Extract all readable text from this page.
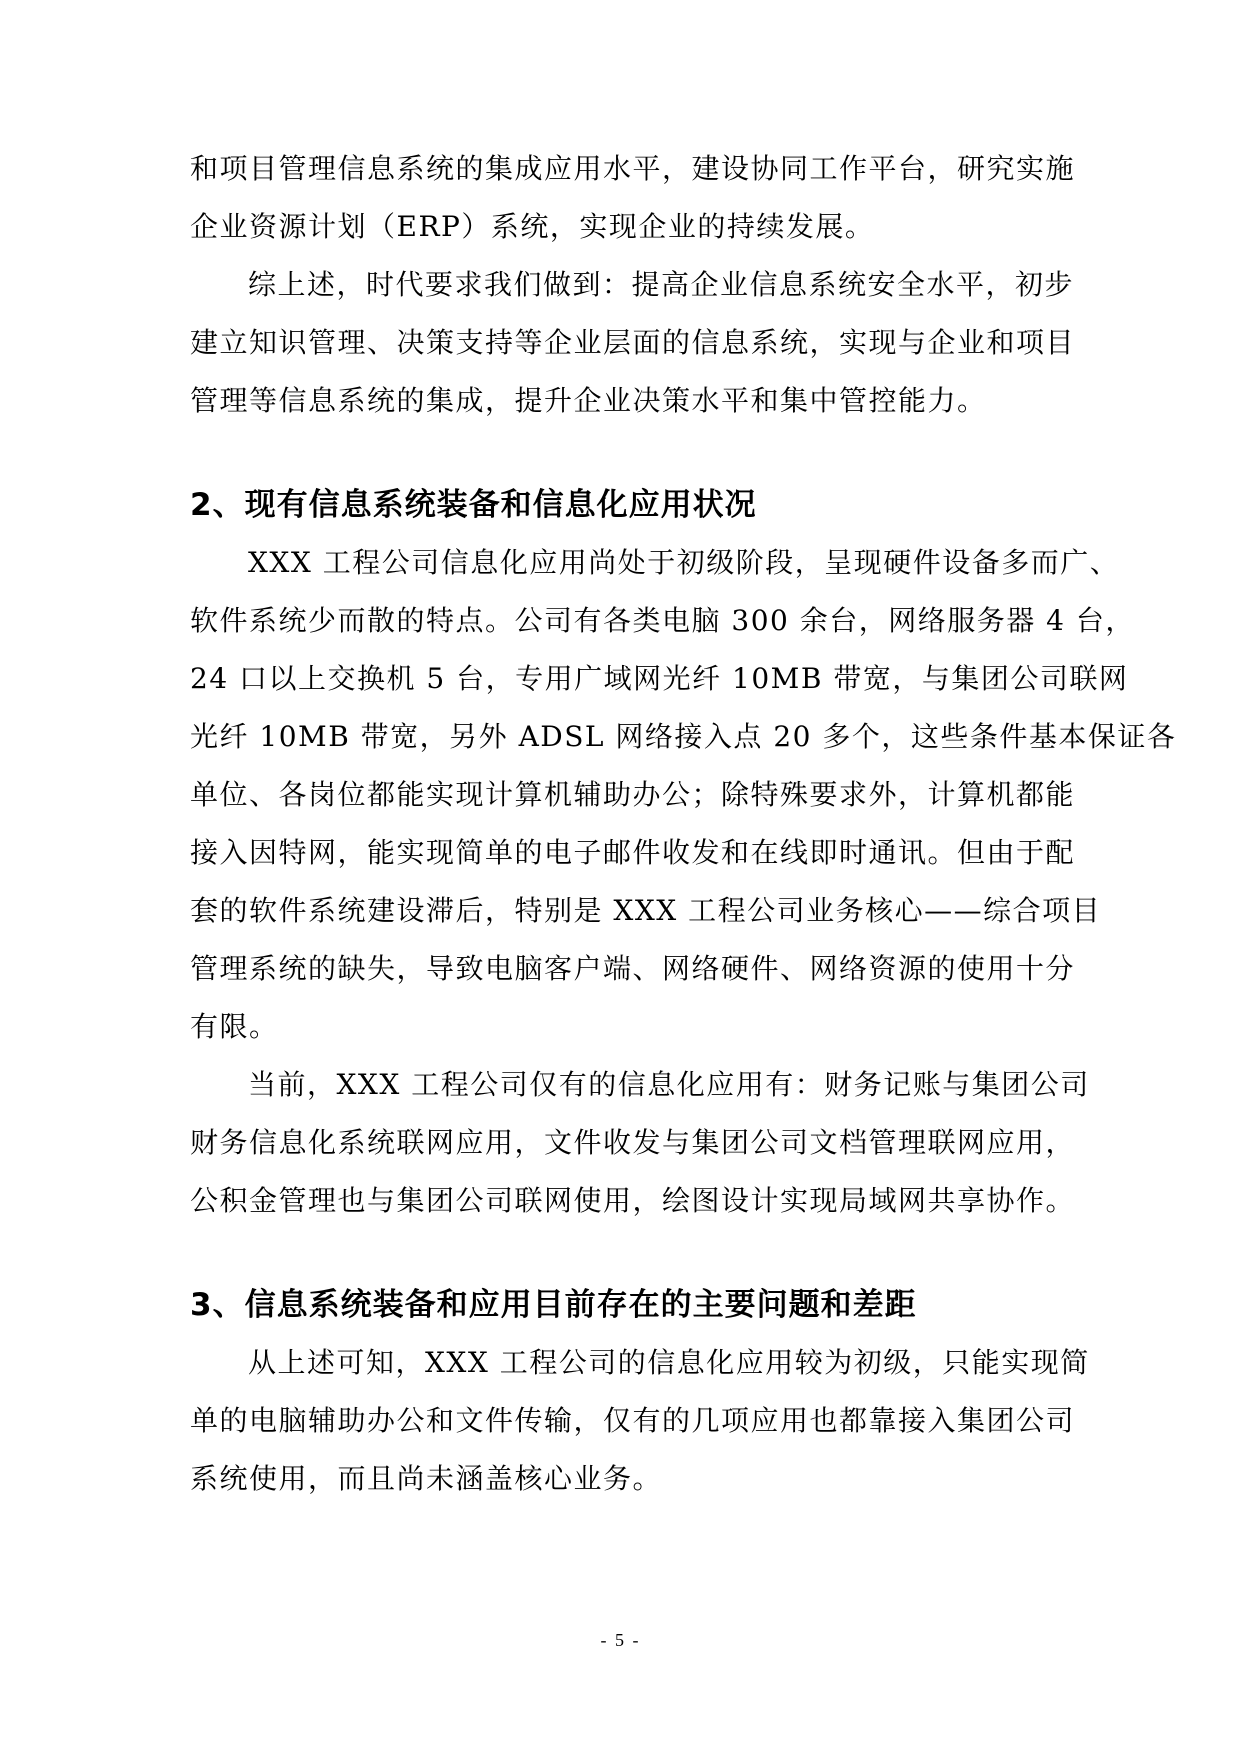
和项目管理信息系统的集成应用水平，建设协同工作平台，研究实施
企业资源计划（ERP）系统，实现企业的持续发展。

综上述，时代要求我们做到：提高企业信息系统安全水平，初步
建立知识管理、决策支持等企业层面的信息系统，实现与企业和项目
管理等信息系统的集成，提升企业决策水平和集中管控能力。

2、现有信息系统装备和信息化应用状况

XXX 工程公司信息化应用尚处于初级阶段，呈现硬件设备多而广、
软件系统少而散的特点。公司有各类电脑 300 余台，网络服务器 4 台，
24 口以上交换机 5 台，专用广域网光纤 10MB 带宽，与集团公司联网
光纤 10MB 带宽，另外 ADSL 网络接入点 20 多个，这些条件基本保证各
单位、各岗位都能实现计算机辅助办公；除特殊要求外，计算机都能
接入因特网，能实现简单的电子邮件收发和在线即时通讯。但由于配
套的软件系统建设滞后，特别是 XXX 工程公司业务核心——综合项目
管理系统的缺失，导致电脑客户端、网络硬件、网络资源的使用十分
有限。

当前，XXX 工程公司仅有的信息化应用有：财务记账与集团公司
财务信息化系统联网应用，文件收发与集团公司文档管理联网应用，
公积金管理也与集团公司联网使用，绘图设计实现局域网共享协作。

3、信息系统装备和应用目前存在的主要问题和差距

从上述可知，XXX 工程公司的信息化应用较为初级，只能实现简
单的电脑辅助办公和文件传输，仅有的几项应用也都靠接入集团公司
系统使用，而且尚未涵盖核心业务。

- 5 -
